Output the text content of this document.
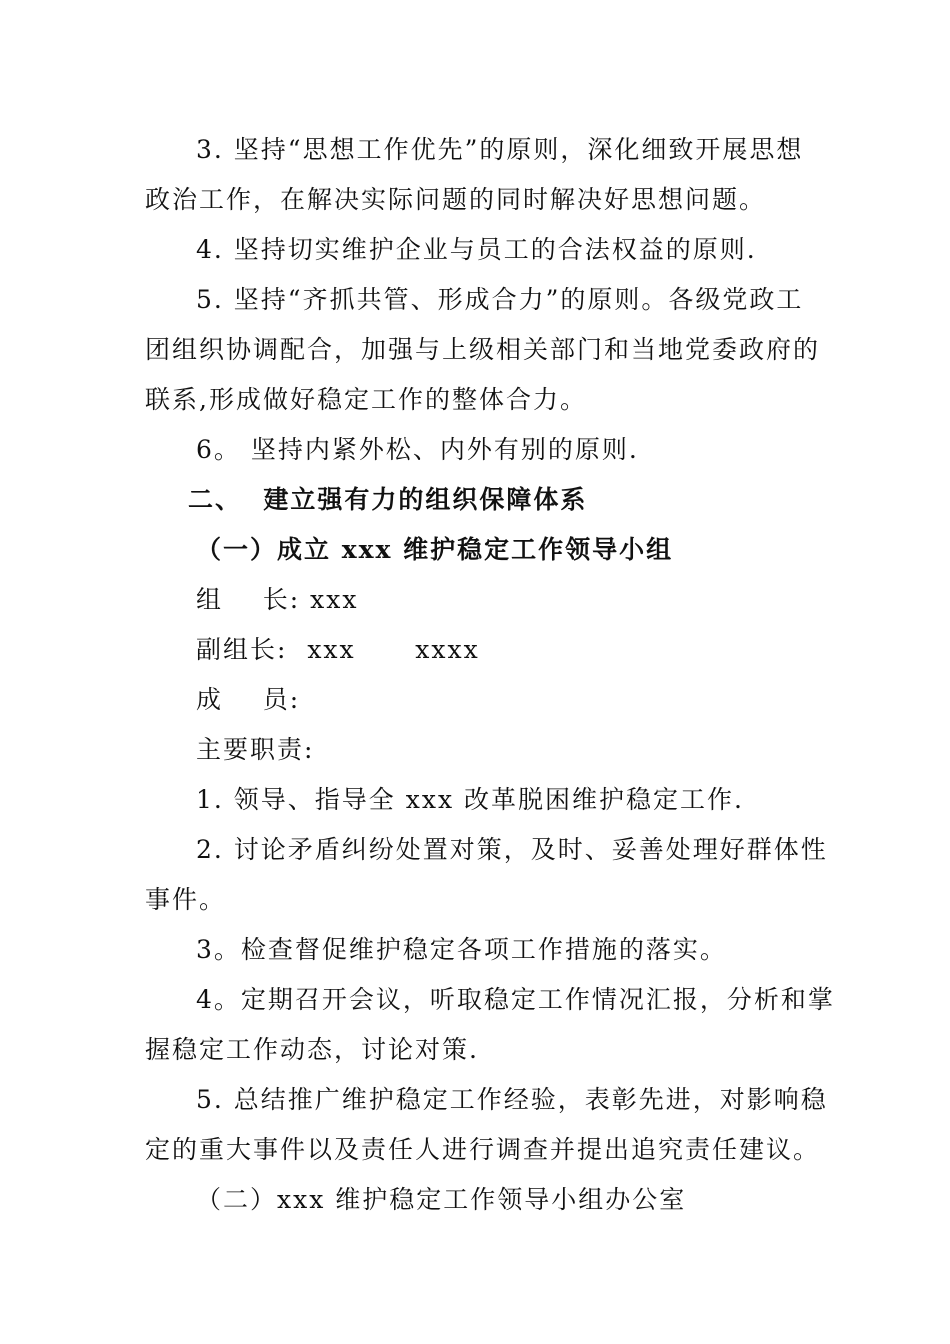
3. 坚持“思想工作优先”的原则，深化细致开展思想
政治工作，在解决实际问题的同时解决好思想问题。
4. 坚持切实维护企业与员工的合法权益的原则.
5. 坚持“齐抓共管、形成合力”的原则。各级党政工
团组织协调配合，加强与上级相关部门和当地党委政府的
联系,形成做好稳定工作的整体合力。
6。 坚持内紧外松、内外有别的原则.
二、  建立强有力的组织保障体系
（一）成立 xxx 维护稳定工作领导小组
组    长: xxx
副组长:  xxx      xxxx
成    员:
主要职责:
1. 领导、指导全 xxx 改革脱困维护稳定工作.
2. 讨论矛盾纠纷处置对策，及时、妥善处理好群体性
事件。
3。检查督促维护稳定各项工作措施的落实。
4。定期召开会议，听取稳定工作情况汇报，分析和掌
握稳定工作动态，讨论对策.
5. 总结推广维护稳定工作经验，表彰先进，对影响稳
定的重大事件以及责任人进行调查并提出追究责任建议。
（二）xxx 维护稳定工作领导小组办公室
